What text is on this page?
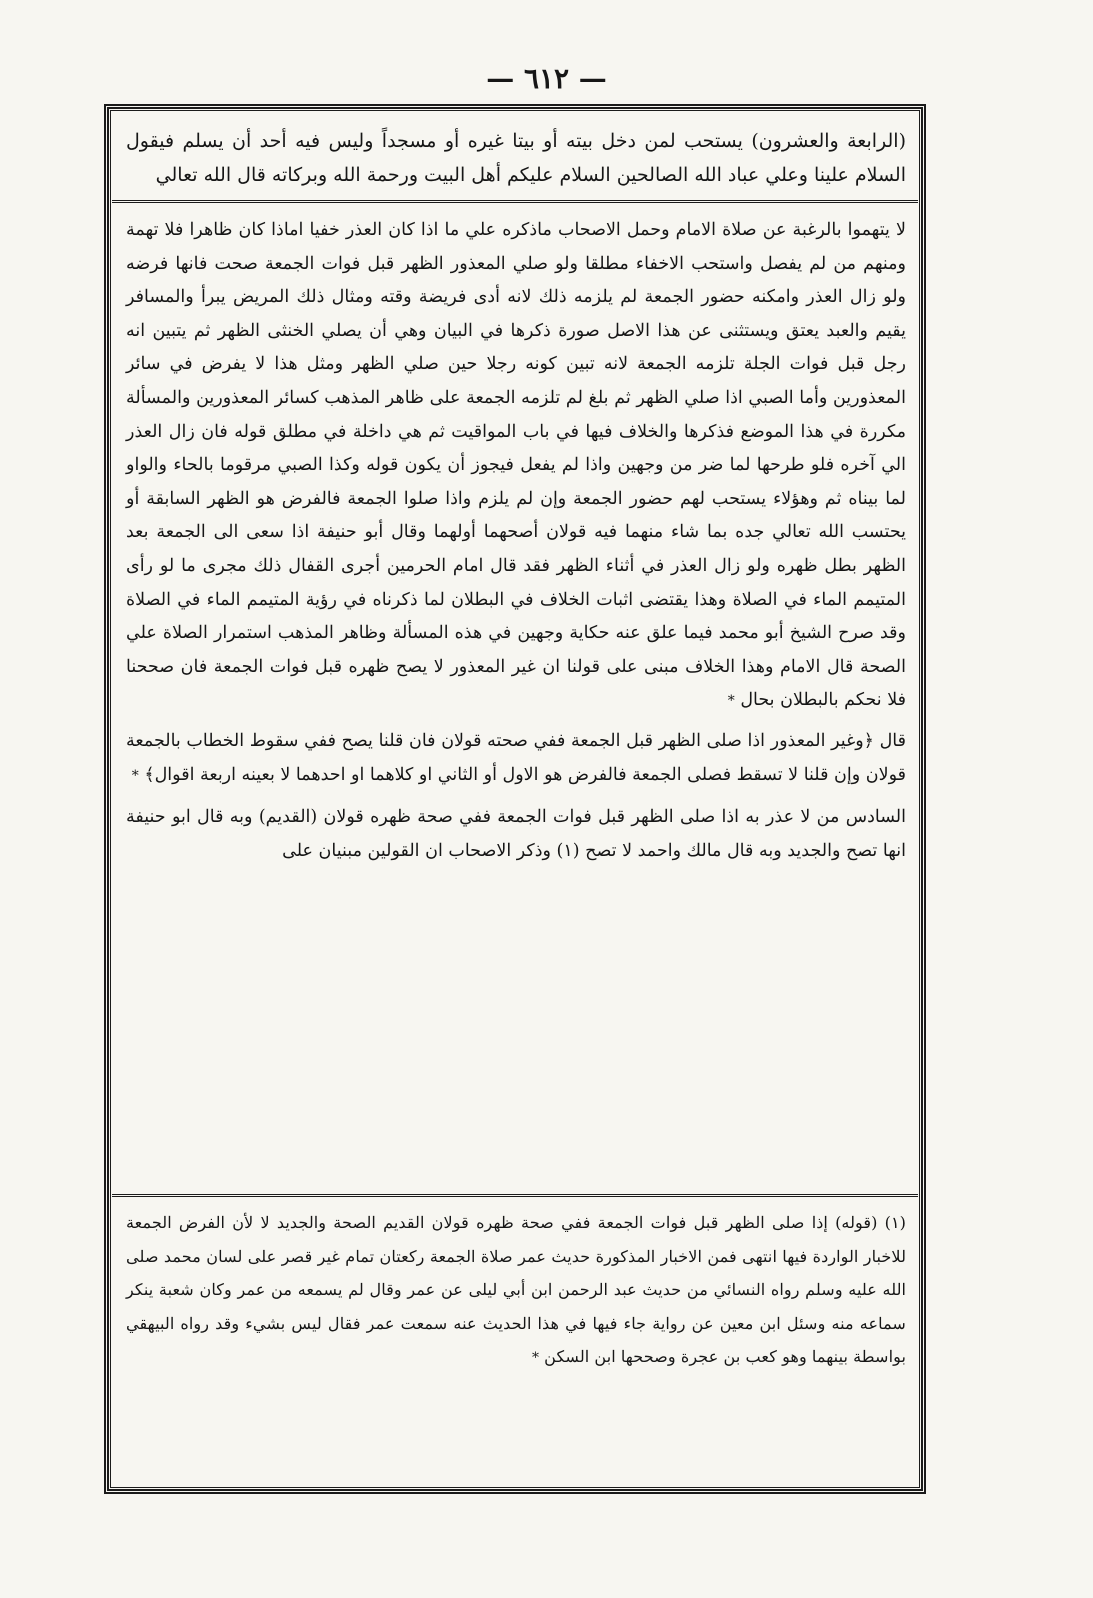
— ٦١٢ —

(الرابعة والعشرون) يستحب لمن دخل بيته أو بيتا غيره أو مسجداً وليس فيه أحد أن يسلم فيقول السلام علينا وعلي عباد الله الصالحين السلام عليكم أهل البيت ورحمة الله وبركاته قال الله تعالي

لا يتهموا بالرغبة عن صلاة الامام وحمل الاصحاب ماذكره علي ما اذا كان العذر خفيا اماذا كان ظاهرا فلا تهمة ومنهم من لم يفصل واستحب الاخفاء مطلقا ولو صلي المعذور الظهر قبل فوات الجمعة صحت فانها فرضه ولو زال العذر وامكنه حضور الجمعة لم يلزمه ذلك لانه أدى فريضة وقته ومثال ذلك المريض يبرأ والمسافر يقيم والعبد يعتق ويستثنى عن هذا الاصل صورة ذكرها في البيان وهي أن يصلي الخنثى الظهر ثم يتبين انه رجل قبل فوات الجلة تلزمه الجمعة لانه تبين كونه رجلا حين صلي الظهر ومثل هذا لا يفرض في سائر المعذورين وأما الصبي اذا صلي الظهر ثم بلغ لم تلزمه الجمعة على ظاهر المذهب كسائر المعذورين والمسألة مكررة في هذا الموضع فذكرها والخلاف فيها في باب المواقيت ثم هي داخلة في مطلق قوله فان زال العذر الي آخره فلو طرحها لما ضر من وجهين واذا لم يفعل فيجوز أن يكون قوله وكذا الصبي مرقوما بالحاء والواو لما بيناه ثم وهؤلاء يستحب لهم حضور الجمعة وإن لم يلزم واذا صلوا الجمعة فالفرض هو الظهر السابقة أو يحتسب الله تعالي جده بما شاء منهما فيه قولان أصحهما أولهما وقال أبو حنيفة اذا سعى الى الجمعة بعد الظهر بطل ظهره ولو زال العذر في أثناء الظهر فقد قال امام الحرمين أجرى القفال ذلك مجرى ما لو رأى المتيمم الماء في الصلاة وهذا يقتضى اثبات الخلاف في البطلان لما ذكرناه في رؤية المتيمم الماء في الصلاة وقد صرح الشيخ أبو محمد فيما علق عنه حكاية وجهين في هذه المسألة وظاهر المذهب استمرار الصلاة علي الصحة قال الامام وهذا الخلاف مبنى على قولنا ان غير المعذور لا يصح ظهره قبل فوات الجمعة فان صححنا فلا نحكم بالبطلان بحال *

قال ﴿وغير المعذور اذا صلى الظهر قبل الجمعة ففي صحته قولان فان قلنا يصح ففي سقوط الخطاب بالجمعة قولان وإن قلنا لا تسقط فصلى الجمعة فالفرض هو الاول أو الثاني او كلاهما او احدهما لا بعينه اربعة اقوال﴾ *

السادس من لا عذر به اذا صلى الظهر قبل فوات الجمعة ففي صحة ظهره قولان (القديم) وبه قال ابو حنيفة انها تصح والجديد وبه قال مالك واحمد لا تصح (١) وذكر الاصحاب ان القولين مبنيان على

(١) (قوله) إذا صلى الظهر قبل فوات الجمعة ففي صحة ظهره قولان القديم الصحة والجديد لا لأن الفرض الجمعة للاخبار الواردة فيها انتهى فمن الاخبار المذكورة حديث عمر صلاة الجمعة ركعتان تمام غير قصر على لسان محمد صلى الله عليه وسلم رواه النسائي من حديث عبد الرحمن ابن أبي ليلى عن عمر وقال لم يسمعه من عمر وكان شعبة ينكر سماعه منه وسئل ابن معين عن رواية جاء فيها في هذا الحديث عنه سمعت عمر فقال ليس بشيء وقد رواه البيهقي بواسطة بينهما وهو كعب بن عجرة وصححها ابن السكن *
